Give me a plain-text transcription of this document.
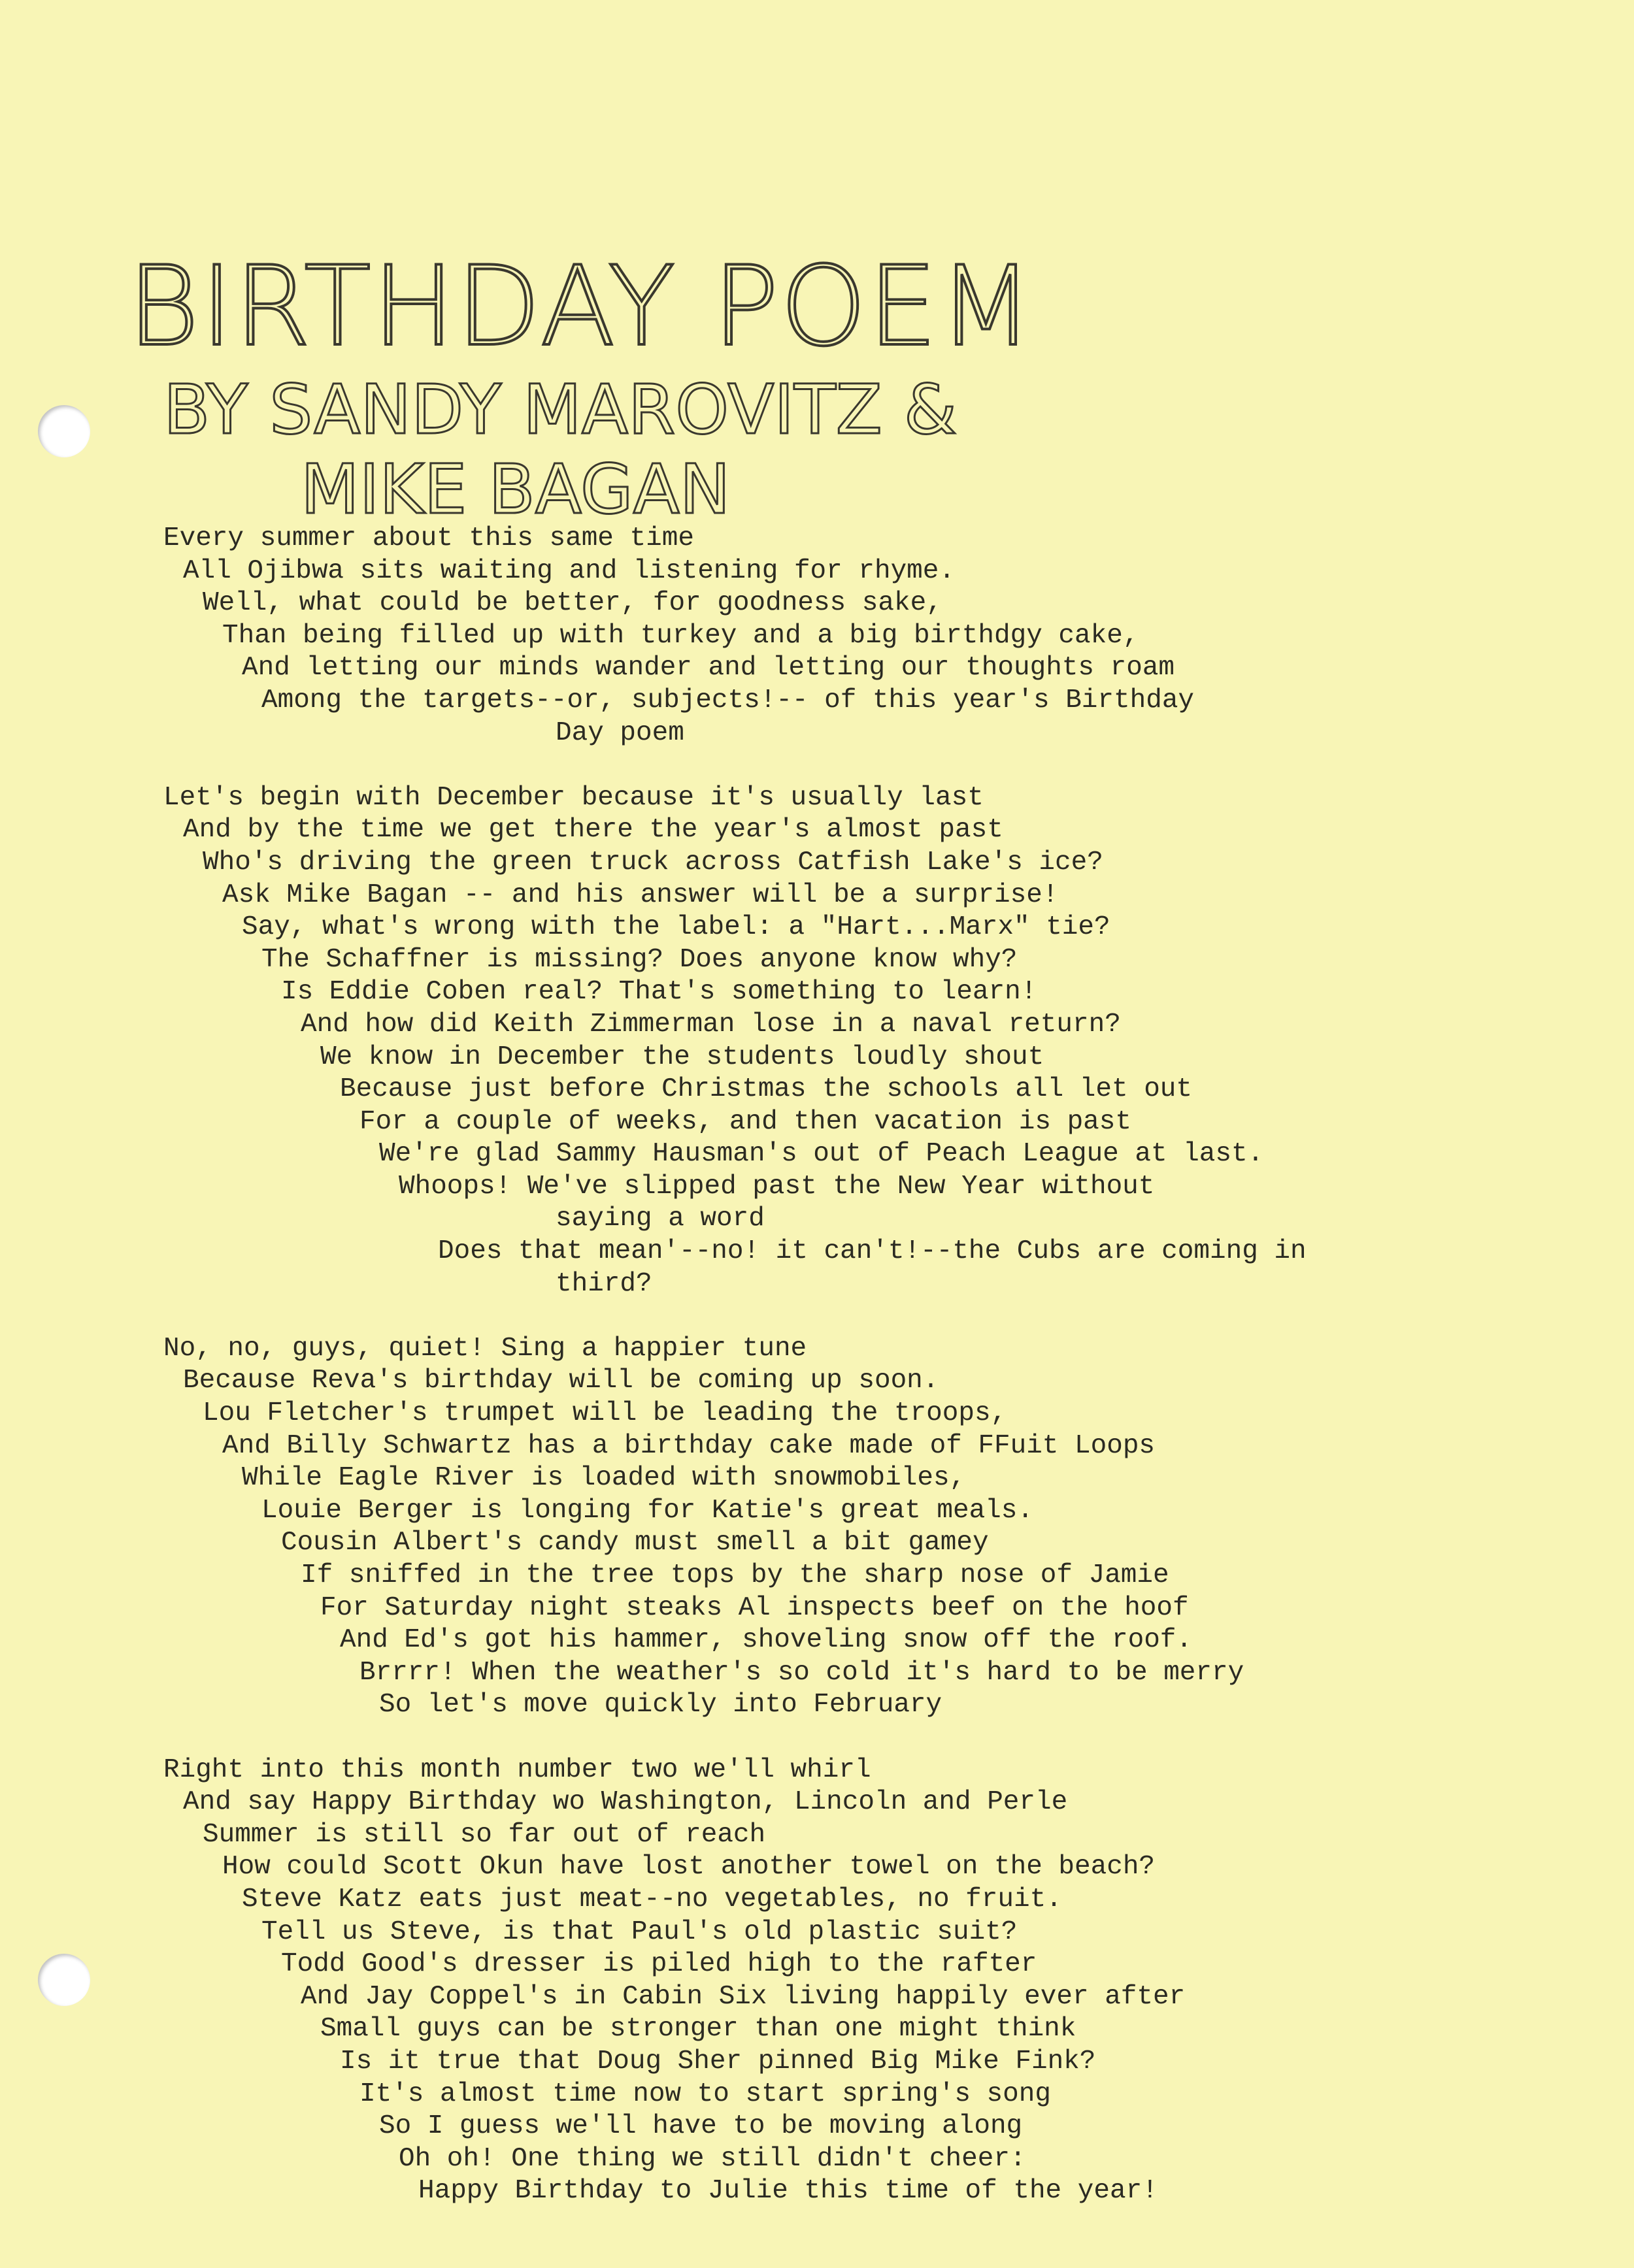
BIRTHDAY POEM
BY SANDY MAROVITZ &
MIKE BAGAN
Every summer about this same time
All Ojibwa sits waiting and listening for rhyme.
Well, what could be better, for goodness sake,
Than being filled up with turkey and a big birthdgy cake,
And letting our minds wander and letting our thoughts roam
Among the targets--or, subjects!-- of this year's Birthday
Day poem
Let's begin with December because it's usually last
And by the time we get there the year's almost past
Who's driving the green truck across Catfish Lake's ice?
Ask Mike Bagan -- and his answer will be a surprise!
Say, what's wrong with the label: a "Hart...Marx" tie?
The Schaffner is missing? Does anyone know why?
Is Eddie Coben real? That's something to learn!
And how did Keith Zimmerman lose in a naval return?
We know in December the students loudly shout
Because just before Christmas the schools all let out
For a couple of weeks, and then vacation is past
We're glad Sammy Hausman's out of Peach League at last.
Whoops! We've slipped past the New Year without
saying a word
Does that mean'--no! it can't!--the Cubs are coming in
third?
No, no, guys, quiet! Sing a happier tune
Because Reva's birthday will be coming up soon.
Lou Fletcher's trumpet will be leading the troops,
And Billy Schwartz has a birthday cake made of FFuit Loops
While Eagle River is loaded with snowmobiles,
Louie Berger is longing for Katie's great meals.
Cousin Albert's candy must smell a bit gamey
If sniffed in the tree tops by the sharp nose of Jamie
For Saturday night steaks Al inspects beef on the hoof
And Ed's got his hammer, shoveling snow off the roof.
Brrrr! When the weather's so cold it's hard to be merry
So let's move quickly into February
Right into this month number two we'll whirl
And say Happy Birthday wo Washington, Lincoln and Perle
Summer is still so far out of reach
How could Scott Okun have lost another towel on the beach?
Steve Katz eats just meat--no vegetables, no fruit.
Tell us Steve, is that Paul's old plastic suit?
Todd Good's dresser is piled high to the rafter
And Jay Coppel's in Cabin Six living happily ever after
Small guys can be stronger than one might think
Is it true that Doug Sher pinned Big Mike Fink?
It's almost time now to start spring's song
So I guess we'll have to be moving along
Oh oh! One thing we still didn't cheer:
Happy Birthday to Julie this time of the year!
